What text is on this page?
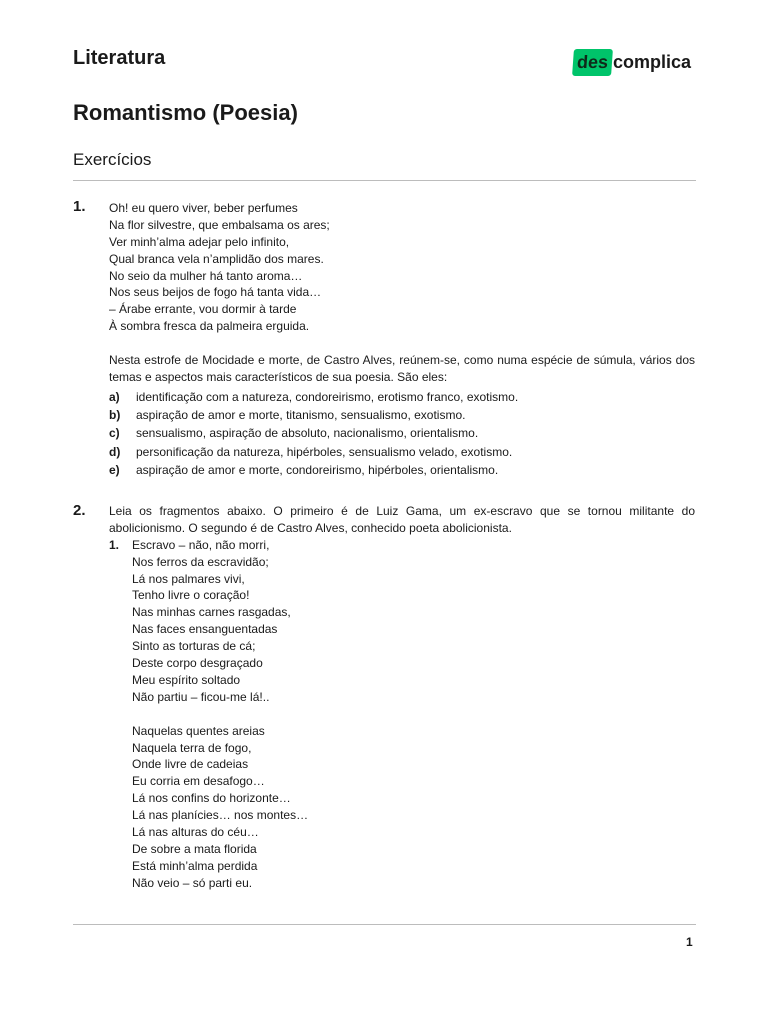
Literatura	des complica
Romantismo (Poesia)
Exercícios
1. Oh! eu quero viver, beber perfumes
Na flor silvestre, que embalsama os ares;
Ver minh’alma adejar pelo infinito,
Qual branca vela n’amplidão dos mares.
No seio da mulher há tanto aroma…
Nos seus beijos de fogo há tanta vida…
– Árabe errante, vou dormir à tarde
À sombra fresca da palmeira erguida.
Nesta estrofe de Mocidade e morte, de Castro Alves, reúnem-se, como numa espécie de súmula, vários dos temas e aspectos mais característicos de sua poesia. São eles:
a)	identificação com a natureza, condoreirismo, erotismo franco, exotismo.
b)	aspiração de amor e morte, titanismo, sensualismo, exotismo.
c)	sensualismo, aspiração de absoluto, nacionalismo, orientalismo.
d)	personificação da natureza, hipérboles, sensualismo velado, exotismo.
e)	aspiração de amor e morte, condoreirismo, hipérboles, orientalismo.
2. Leia os fragmentos abaixo. O primeiro é de Luiz Gama, um ex-escravo que se tornou militante do abolicionismo. O segundo é de Castro Alves, conhecido poeta abolicionista.
1.	Escravo – não, não morri,
Nos ferros da escravidão;
Lá nos palmares vivi,
Tenho livre o coração!
Nas minhas carnes rasgadas,
Nas faces ensanguentadas
Sinto as torturas de cá;
Deste corpo desgraçado
Meu espírito soltado
Não partiu – ficou-me lá!..
Naquelas quentes areias
Naquela terra de fogo,
Onde livre de cadeias
Eu corria em desafogo…
Lá nos confins do horizonte…
Lá nas planícies… nos montes…
Lá nas alturas do céu…
De sobre a mata florida
Está minh’alma perdida
Não veio – só parti eu.
1
